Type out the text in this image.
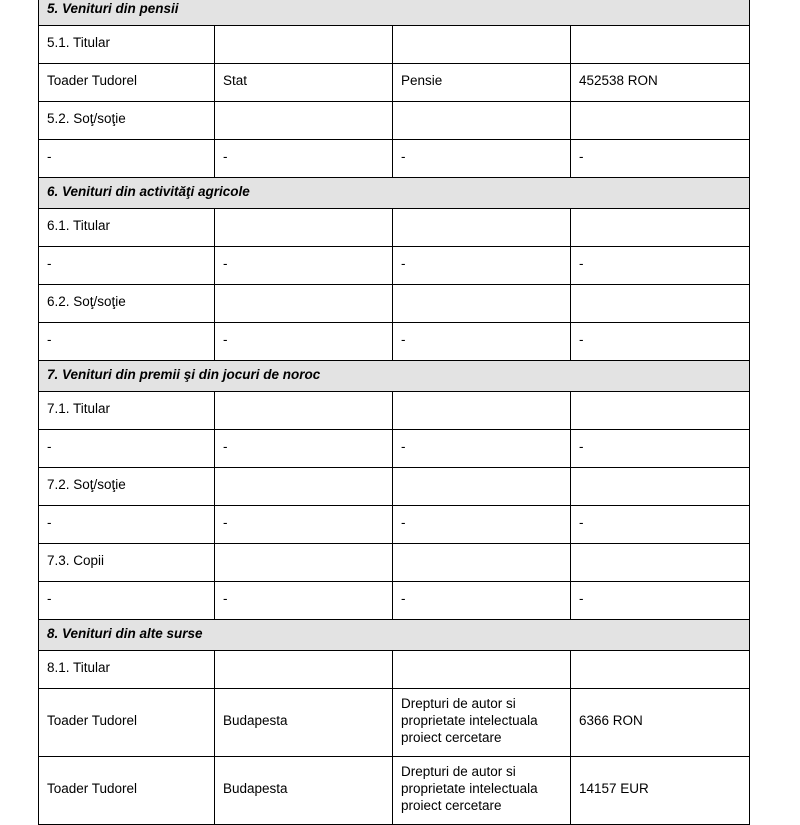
5. Venituri din pensii			
5.1. Titular			
Toader Tudorel	Stat	Pensie	452538 RON
5.2. Soţ/soţie			
-	-	-	-
6. Venituri din activităţi agricole			
6.1. Titular			
-	-	-	-
6.2. Soţ/soţie			
-	-	-	-
7. Venituri din premii şi din jocuri de noroc			
7.1. Titular			
-	-	-	-
7.2. Soţ/soţie			
-	-	-	-
7.3. Copii			
-	-	-	-
8. Venituri din alte surse			
8.1. Titular			
Toader Tudorel	Budapesta	Drepturi de autor si proprietate intelectuala proiect cercetare	6366 RON
Toader Tudorel	Budapesta	Drepturi de autor si proprietate intelectuala proiect cercetare	14157 EUR
